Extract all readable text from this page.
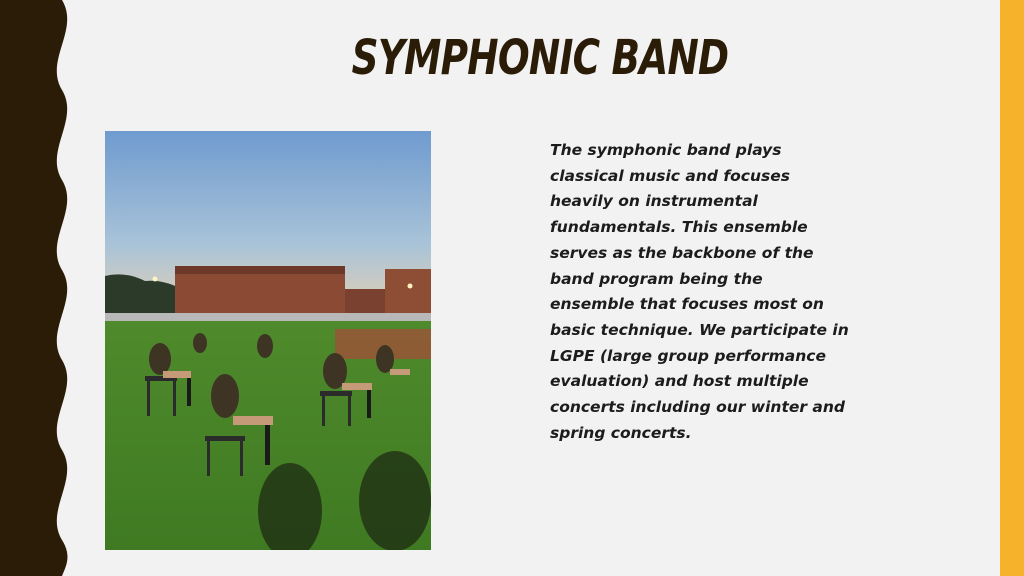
SYMPHONIC BAND

The symphonic band plays classical music and focuses heavily on instrumental fundamentals. This ensemble serves as the backbone of the band program being the ensemble that focuses most on basic technique. We participate in LGPE (large group performance evaluation) and host multiple concerts including our winter and spring concerts.
